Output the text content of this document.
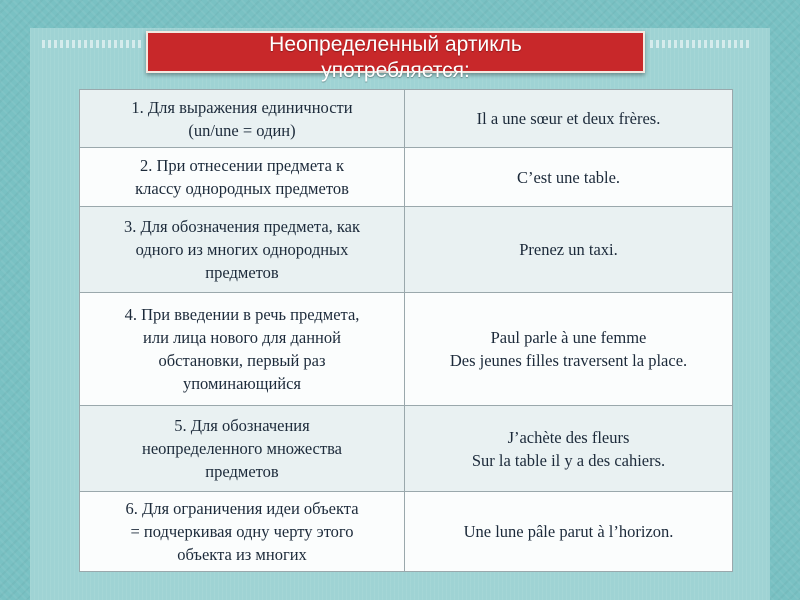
Неопределенный артикль
употребляется:
1. Для выражения единичности
(un/une = один)	Il a une sœur et deux frères.

2. При отнесении предмета к
классу однородных предметов	C’est une table.

3. Для обозначения предмета, как
одного из многих однородных
предметов	Prenez un taxi.

4. При введении в речь предмета,
или лица нового для данной
обстановки, первый раз
упоминающийся	Paul parle à une femme
Des jeunes filles traversent la place.

5. Для обозначения
неопределенного множества
предметов	J’achète des fleurs
Sur la table il y a des cahiers.

6. Для ограничения идеи объекта
= подчеркивая одну черту этого
объекта из многих	Une lune pâle parut à l’horizon.
